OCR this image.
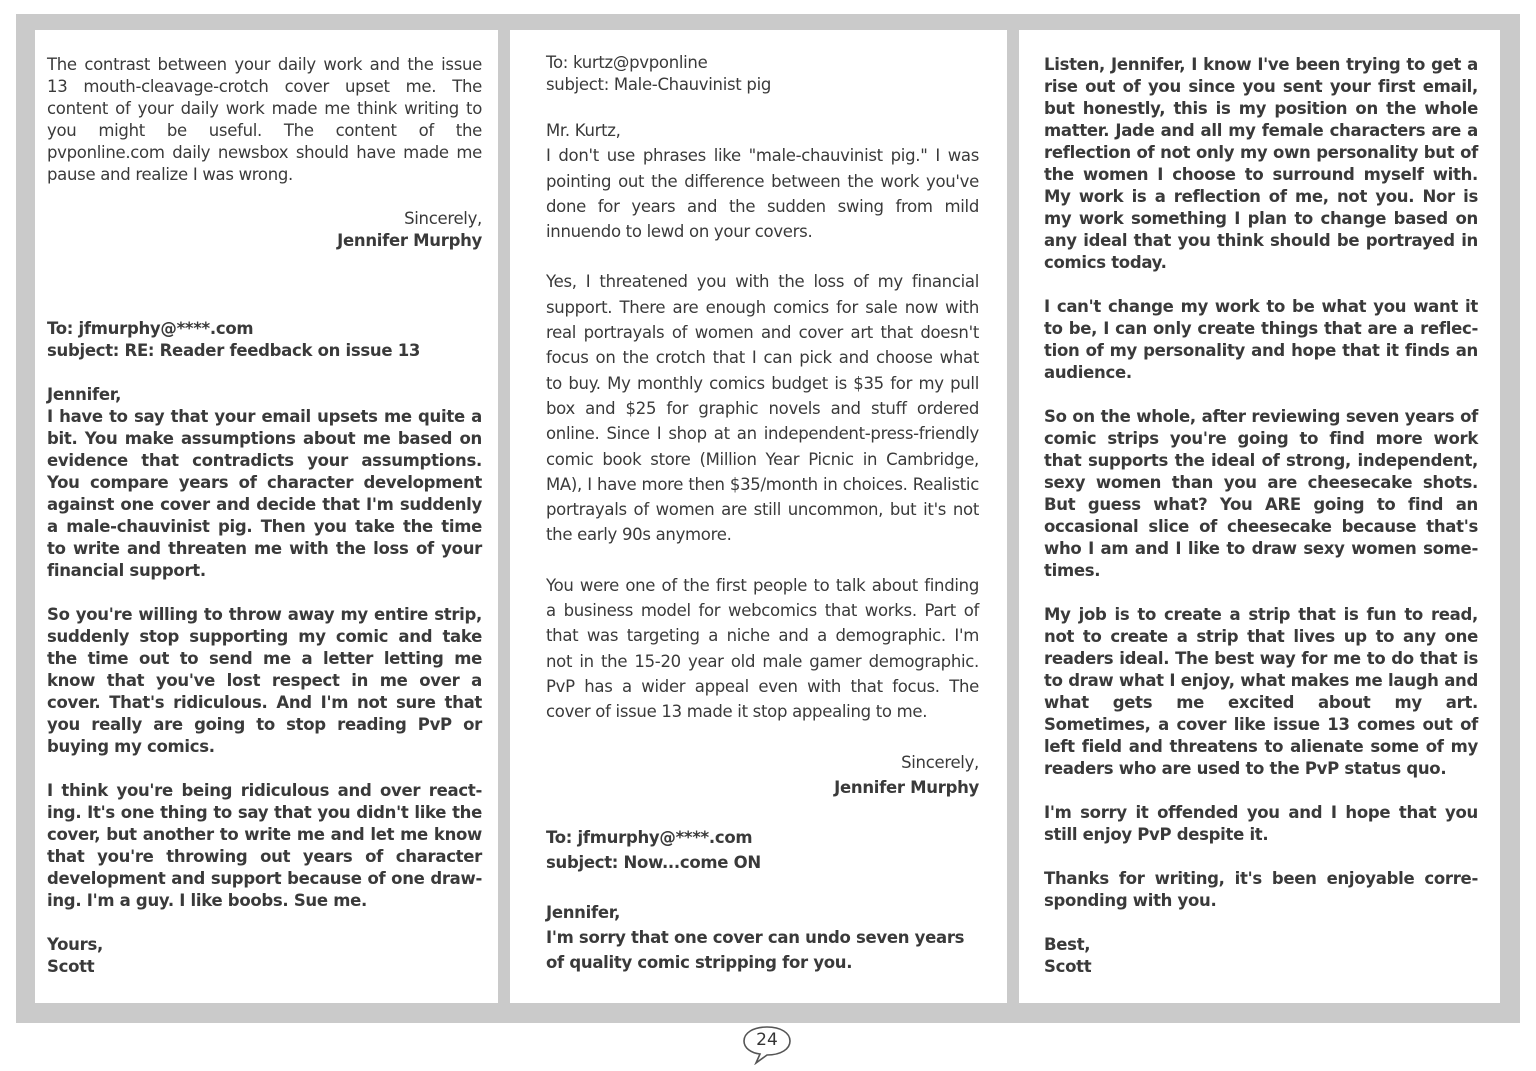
The contrast between your daily work and the issue 13 mouth-cleavage-crotch cover upset me. The content of your daily work made me think writing to you might be useful. The content of the pvponline.com daily newsbox should have made me pause and realize I was wrong.

Sincerely,

Jennifer Murphy

To: jfmurphy@****.com

subject: RE: Reader feedback on issue 13

Jennifer,

I have to say that your email upsets me quite a bit. You make assumptions about me based on evidence that contradicts your assumptions. You compare years of character development against one cover and decide that I'm suddenly a male-chauvinist pig. Then you take the time to write and threaten me with the loss of your financial support.

So you're willing to throw away my entire strip, suddenly stop supporting my comic and take the time out to send me a letter letting me know that you've lost respect in me over a cover. That's ridiculous. And I'm not sure that you really are going to stop reading PvP or buying my comics.

I think you're being ridiculous and over react-ing. It's one thing to say that you didn't like the cover, but another to write me and let me know that you're throwing out years of character development and support because of one draw-ing. I'm a guy. I like boobs. Sue me.

Yours,

Scott

To: kurtz@pvponline

subject: Male-Chauvinist pig

Mr. Kurtz,

I don't use phrases like "male-chauvinist pig." I was pointing out the difference between the work you've done for years and the sudden swing from mild innuendo to lewd on your covers.

Yes, I threatened you with the loss of my financial support. There are enough comics for sale now with real portrayals of women and cover art that doesn't focus on the crotch that I can pick and choose what to buy. My monthly comics budget is $35 for my pull box and $25 for graphic novels and stuff ordered online. Since I shop at an independent-press-friendly comic book store (Million Year Picnic in Cambridge, MA), I have more then $35/month in choices. Realistic portrayals of women are still uncommon, but it's not the early 90s anymore.

You were one of the first people to talk about finding a business model for webcomics that works. Part of that was targeting a niche and a demographic. I'm not in the 15-20 year old male gamer demographic. PvP has a wider appeal even with that focus. The cover of issue 13 made it stop appealing to me.

Sincerely,

Jennifer Murphy

To: jfmurphy@****.com

subject: Now...come ON

Jennifer,

I'm sorry that one cover can undo seven years of quality comic stripping for you.

Listen, Jennifer, I know I've been trying to get a rise out of you since you sent your first email, but honestly, this is my position on the whole matter. Jade and all my female characters are a reflection of not only my own personality but of the women I choose to surround myself with. My work is a reflection of me, not you. Nor is my work something I plan to change based on any ideal that you think should be portrayed in comics today.

I can't change my work to be what you want it to be, I can only create things that are a reflec-tion of my personality and hope that it finds an audience.

So on the whole, after reviewing seven years of comic strips you're going to find more work that supports the ideal of strong, independent, sexy women than you are cheesecake shots. But guess what? You ARE going to find an occasional slice of cheesecake because that's who I am and I like to draw sexy women some-times.

My job is to create a strip that is fun to read, not to create a strip that lives up to any one readers ideal. The best way for me to do that is to draw what I enjoy, what makes me laugh and what gets me excited about my art. Sometimes, a cover like issue 13 comes out of left field and threatens to alienate some of my readers who are used to the PvP status quo.

I'm sorry it offended you and I hope that you still enjoy PvP despite it.

Thanks for writing, it's been enjoyable corre-sponding with you.

Best,

Scott

24
